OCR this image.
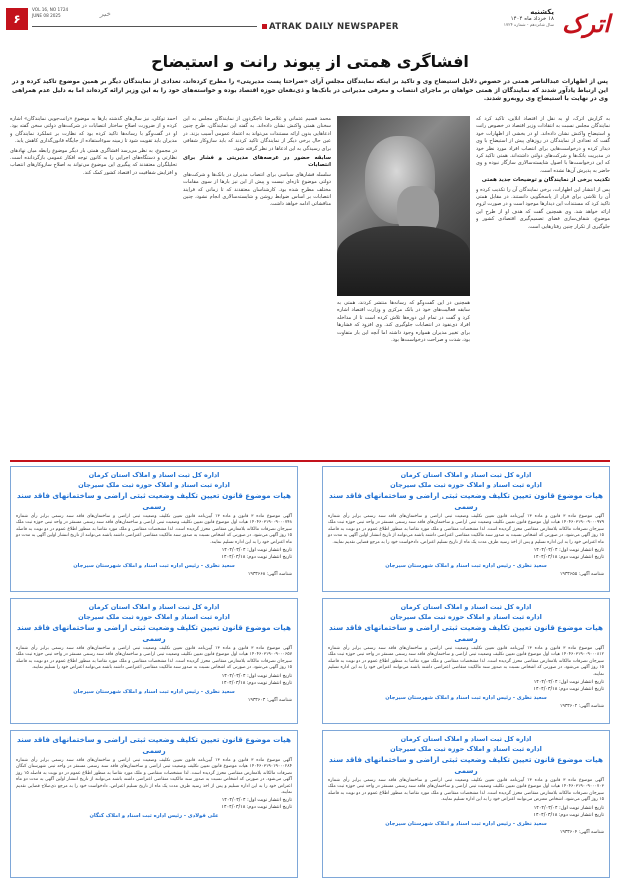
۶
VOL 16, NO 1724
JUNE 08 2025	خبر
ATRAK DAILY NEWSPAPER
یکشنبه
۱۸ خرداد ماه ۱۴۰۴
سال شانزدهم - شماره ۱۷۲۴ اترک
افشاگری همتی از پیوند رانت و استیضاح
پس از اظهارات عبدالناصر همتی در خصوص دلایل استیضاح وی و تاکید بر اینکه نمایندگان مجلس آرای «صراحتا پست مدیریتی» را مطرح کرده‌اند، تعدادی از نمایندگان دیگر بر همین موضوع تاکید کرده و در این ارتباط یادآور شدند که نمایندگان از همتی خواهان بر ماجرای انتصاب و معرفی مدیرانی در بانک‌ها و ذی‌نفعان حوزه اقتصاد بوده و خواسته‌های خود را به این وزیر ارائه کرده‌اند اما به دلیل عدم همراهی وی در نهایت با استیضاح وی روبه‌رو شدند.

به گزارش اترک، او به نقل از اقتصاد آنلاین، تاکید کرد که نمایندگان مجلس نسبت به انتقادات وزیر اقتصاد در خصوص رانت و استیضاح واکنش نشان داده‌اند. او در بخشی از اظهارات خود گفت که تعدادی از نمایندگان در روزهای پیش از استیضاح با وی دیدار کرده و درخواست‌هایی برای انتصاب افراد مورد نظر خود در مدیریت بانک‌ها و شرکت‌های دولتی داشته‌اند. همتی تاکید کرد که این درخواست‌ها با اصول شایسته‌سالاری سازگار نبوده و وی حاضر به پذیرش آن‌ها نشده است.

تکذیب برخی از نمایندگان و توضیحات جدید همتی

پس از انتشار این اظهارات، برخی نمایندگان آن را تکذیب کرده و آن را تلاشی برای فرار از پاسخگویی دانستند. در مقابل همتی تاکید کرد که مستندات این دیدارها موجود است و در صورت لزوم ارائه خواهد شد. وی همچنین گفت که هدف او از طرح این موضوع، شفاف‌سازی فضای تصمیم‌گیری اقتصادی کشور و جلوگیری از تکرار چنین رفتارهایی است.

همچنین در این گفت‌وگو که رسانه‌ها منتشر کردند، همتی به سابقه فعالیت‌های خود در بانک مرکزی و وزارت اقتصاد اشاره کرد و گفت در تمام این دوره‌ها تلاش کرده است تا از مداخله افراد ذی‌نفوذ در انتصابات جلوگیری کند. وی افزود که فشارها برای تغییر مدیران همواره وجود داشته اما آنچه این بار متفاوت بود، شدت و صراحت درخواست‌ها بود.

محمد قسیم عثمانی و غلامرضا تاجگردون از نمایندگان مجلس به این سخنان همتی واکنش نشان داده‌اند. به گفته این نمایندگان، طرح چنین ادعاهایی بدون ارائه مستندات می‌تواند به اعتماد عمومی آسیب بزند. در عین حال برخی دیگر از نمایندگان تاکید کردند که باید سازوکار شفافی برای رسیدگی به این ادعاها در نظر گرفته شود.

سابقه حضور در عرصه‌های مدیریتی و فشار برای انتصابات

سلسله فشارهای سیاسی برای انتصاب مدیران در بانک‌ها و شرکت‌های دولتی موضوع تازه‌ای نیست و پیش از این نیز بارها از سوی مقامات مختلف مطرح شده بود. کارشناسان معتقدند که تا زمانی که فرایند انتصابات بر اساس ضوابط روشن و شایسته‌سالاری انجام نشود، چنین مناقشاتی ادامه خواهد داشت.

احمد توکلی، نیز سال‌های گذشته بارها به موضوع «رانت‌جویی نمایندگان» اشاره کرده و از ضرورت اصلاح ساختار انتصابات در شرکت‌های دولتی سخن گفته بود. او در گفت‌وگو با رسانه‌ها تاکید کرده بود که نظارت بر عملکرد نمایندگان و مدیران باید تقویت شود تا زمینه سوءاستفاده از جایگاه قانون‌گذاری کاهش یابد.

در مجموع، به نظر می‌رسد افشاگری همتی بار دیگر موضوع رابطه میان نهادهای نظارتی و دستگاه‌های اجرایی را به کانون توجه افکار عمومی بازگردانده است. تحلیلگران معتقدند که پیگیری این موضوع می‌تواند به اصلاح سازوکارهای انتصاب و افزایش شفافیت در اقتصاد کشور کمک کند.

اداره کل ثبت اسناد و املاک استان کرمان
اداره ثبت اسناد و املاک حوزه ثبت ملک سیرجان
هیات موضوع قانون تعیین تکلیف وضعیت ثبتی اراضی و ساختمانهای فاقد سند رسمی
آگهی موضوع ماده ۳ قانون و ماده ۱۳ آیین‌نامه قانون تعیین تکلیف وضعیت ثبتی اراضی و ساختمان‌های فاقد سند رسمی برابر رأی شماره ۱۴۰۴۶۰۳۱۹۰۰۹۰۰۰۹۷۹ هیات اول موضوع قانون تعیین تکلیف وضعیت ثبتی اراضی و ساختمان‌های فاقد سند رسمی مستقر در واحد ثبتی حوزه ثبت ملک سیرجان تصرفات مالکانه بلامعارض متقاضی محرز گردیده است. لذا مشخصات متقاضی و ملک مورد تقاضا به منظور اطلاع عموم در دو نوبت به فاصله ۱۵ روز آگهی می‌شود. در صورتی که اشخاص نسبت به صدور سند مالکیت متقاضی اعتراضی داشته باشند می‌توانند از تاریخ انتشار اولین آگهی به مدت دو ماه اعتراض خود را به این اداره تسلیم و پس از اخذ رسید ظرف مدت یک ماه از تاریخ تسلیم اعتراض، دادخواست خود را به مرجع قضایی تقدیم نمایند.
تاریخ انتشار نوبت اول: ۱۴۰۴/۰۳/۰۴
تاریخ انتشار نوبت دوم: ۱۴۰۴/۰۳/۱۸
سعید نظری - رئیس اداره ثبت اسناد و املاک شهرستان سیرجان
شناسه آگهی: ۱۹۳۳۶۵۵
اداره کل ثبت اسناد و املاک استان کرمان
اداره ثبت اسناد و املاک حوزه ثبت ملک سیرجان
هیات موضوع قانون تعیین تکلیف وضعیت ثبتی اراضی و ساختمانهای فاقد سند رسمی
آگهی موضوع ماده ۳ قانون و ماده ۱۳ آیین‌نامه قانون تعیین تکلیف وضعیت ثبتی اراضی و ساختمان‌های فاقد سند رسمی برابر رأی شماره ۱۴۰۴۶۰۳۱۹۰۰۹۰۰۰۷۴۸ هیات اول موضوع قانون تعیین تکلیف وضعیت ثبتی اراضی و ساختمان‌های فاقد سند رسمی مستقر در واحد ثبتی حوزه ثبت ملک سیرجان تصرفات مالکانه بلامعارض متقاضی محرز گردیده است. لذا مشخصات متقاضی و ملک مورد تقاضا به منظور اطلاع عموم در دو نوبت به فاصله ۱۵ روز آگهی می‌شود. در صورتی که اشخاص نسبت به صدور سند مالکیت متقاضی اعتراضی داشته باشند می‌توانند از تاریخ انتشار اولین آگهی به مدت دو ماه اعتراض خود را به این اداره تسلیم نمایند.
تاریخ انتشار نوبت اول: ۱۴۰۴/۰۳/۰۴
تاریخ انتشار نوبت دوم: ۱۴۰۴/۰۳/۱۸
سعید نظری - رئیس اداره ثبت اسناد و املاک شهرستان سیرجان
شناسه آگهی: ۱۹۳۳۶۶۸
اداره کل ثبت اسناد و املاک استان کرمان
اداره ثبت اسناد و املاک حوزه ثبت ملک سیرجان
هیات موضوع قانون تعیین تکلیف وضعیت ثبتی اراضی و ساختمانهای فاقد سند رسمی
آگهی موضوع ماده ۳ قانون و ماده ۱۳ آیین‌نامه قانون تعیین تکلیف وضعیت ثبتی اراضی و ساختمان‌های فاقد سند رسمی برابر رأی شماره ۱۴۰۴۶۰۳۱۹۰۰۹۰۰۰۸۱۲ هیات اول موضوع قانون تعیین تکلیف وضعیت ثبتی اراضی و ساختمان‌های فاقد سند رسمی مستقر در واحد ثبتی حوزه ثبت ملک سیرجان تصرفات مالکانه بلامعارض متقاضی محرز گردیده است. لذا مشخصات متقاضی و ملک مورد تقاضا به منظور اطلاع عموم در دو نوبت به فاصله ۱۵ روز آگهی می‌شود. در صورتی که اشخاص نسبت به صدور سند مالکیت متقاضی اعتراضی داشته باشند می‌توانند اعتراض خود را به این اداره تسلیم نمایند.
تاریخ انتشار نوبت اول: ۱۴۰۴/۰۳/۰۴
تاریخ انتشار نوبت دوم: ۱۴۰۴/۰۳/۱۸
سعید نظری - رئیس اداره ثبت اسناد و املاک شهرستان سیرجان
شناسه آگهی: ۱۹۳۳۶۰۲
اداره کل ثبت اسناد و املاک استان کرمان
اداره ثبت اسناد و املاک حوزه ثبت ملک سیرجان
هیات موضوع قانون تعیین تکلیف وضعیت ثبتی اراضی و ساختمانهای فاقد سند رسمی
آگهی موضوع ماده ۳ قانون و ماده ۱۳ آیین‌نامه قانون تعیین تکلیف وضعیت ثبتی اراضی و ساختمان‌های فاقد سند رسمی برابر رأی شماره ۱۴۰۴۶۰۳۱۹۰۰۹۰۰۰۶۵۷ هیات اول موضوع قانون تعیین تکلیف وضعیت ثبتی اراضی و ساختمان‌های فاقد سند رسمی مستقر در واحد ثبتی حوزه ثبت ملک سیرجان تصرفات مالکانه بلامعارض متقاضی محرز گردیده است. لذا مشخصات متقاضی و ملک مورد تقاضا به منظور اطلاع عموم در دو نوبت به فاصله ۱۵ روز آگهی می‌شود. در صورتی که اشخاص نسبت به صدور سند مالکیت متقاضی اعتراضی داشته باشند می‌توانند اعتراض خود را تسلیم نمایند.
تاریخ انتشار نوبت اول: ۱۴۰۴/۰۳/۰۴
تاریخ انتشار نوبت دوم: ۱۴۰۴/۰۳/۱۸
سعید نظری - رئیس اداره ثبت اسناد و املاک شهرستان سیرجان
شناسه آگهی: ۱۹۳۳۶۰۳
اداره کل ثبت اسناد و املاک استان کرمان
اداره ثبت اسناد و املاک حوزه ثبت ملک سیرجان
هیات موضوع قانون تعیین تکلیف وضعیت ثبتی اراضی و ساختمانهای فاقد سند رسمی
آگهی موضوع ماده ۳ قانون و ماده ۱۳ آیین‌نامه قانون تعیین تکلیف وضعیت ثبتی اراضی و ساختمان‌های فاقد سند رسمی برابر رأی شماره ۱۴۰۴۶۰۳۱۹۰۰۹۰۰۰۷۰۳ هیات اول موضوع قانون تعیین تکلیف وضعیت ثبتی اراضی و ساختمان‌های فاقد سند رسمی مستقر در واحد ثبتی حوزه ثبت ملک سیرجان تصرفات مالکانه بلامعارض متقاضی محرز گردیده است. لذا مشخصات متقاضی و ملک مورد تقاضا به منظور اطلاع عموم در دو نوبت به فاصله ۱۵ روز آگهی می‌شود. اشخاص معترض می‌توانند اعتراض خود را به این اداره تسلیم نمایند.
تاریخ انتشار نوبت اول: ۱۴۰۴/۰۳/۰۴
تاریخ انتشار نوبت دوم: ۱۴۰۴/۰۳/۱۸
سعید نظری - رئیس اداره ثبت اسناد و املاک شهرستان سیرجان
شناسه آگهی: ۱۹۳۳۶۰۴
هیات موضوع قانون تعیین تکلیف وضعیت ثبتی اراضی و ساختمانهای فاقد سند رسمی
آگهی موضوع ماده ۳ قانون و ماده ۱۳ آیین‌نامه قانون تعیین تکلیف وضعیت ثبتی اراضی و ساختمان‌های فاقد سند رسمی برابر رأی شماره ۱۴۰۴۶۰۳۱۹۰۱۹۰۰۰۲۸۴ هیات موضوع قانون تعیین تکلیف وضعیت ثبتی اراضی و ساختمان‌های فاقد سند رسمی مستقر در واحد ثبتی شهرستان کنگان تصرفات مالکانه بلامعارض متقاضی محرز گردیده است. لذا مشخصات متقاضی و ملک مورد تقاضا به منظور اطلاع عموم در دو نوبت به فاصله ۱۵ روز آگهی می‌شود. در صورتی که اشخاص نسبت به صدور سند مالکیت متقاضی اعتراضی داشته باشند می‌توانند از تاریخ انتشار اولین آگهی به مدت دو ماه اعتراض خود را به این اداره تسلیم و پس از اخذ رسید ظرف مدت یک ماه از تاریخ تسلیم اعتراض، دادخواست خود را به مرجع ذی‌صلاح قضایی تقدیم نمایند.
تاریخ انتشار نوبت اول: ۱۴۰۴/۰۳/۰۴
تاریخ انتشار نوبت دوم: ۱۴۰۴/۰۳/۱۸
علی فولادی - رئیس اداره ثبت اسناد و املاک کنگان
